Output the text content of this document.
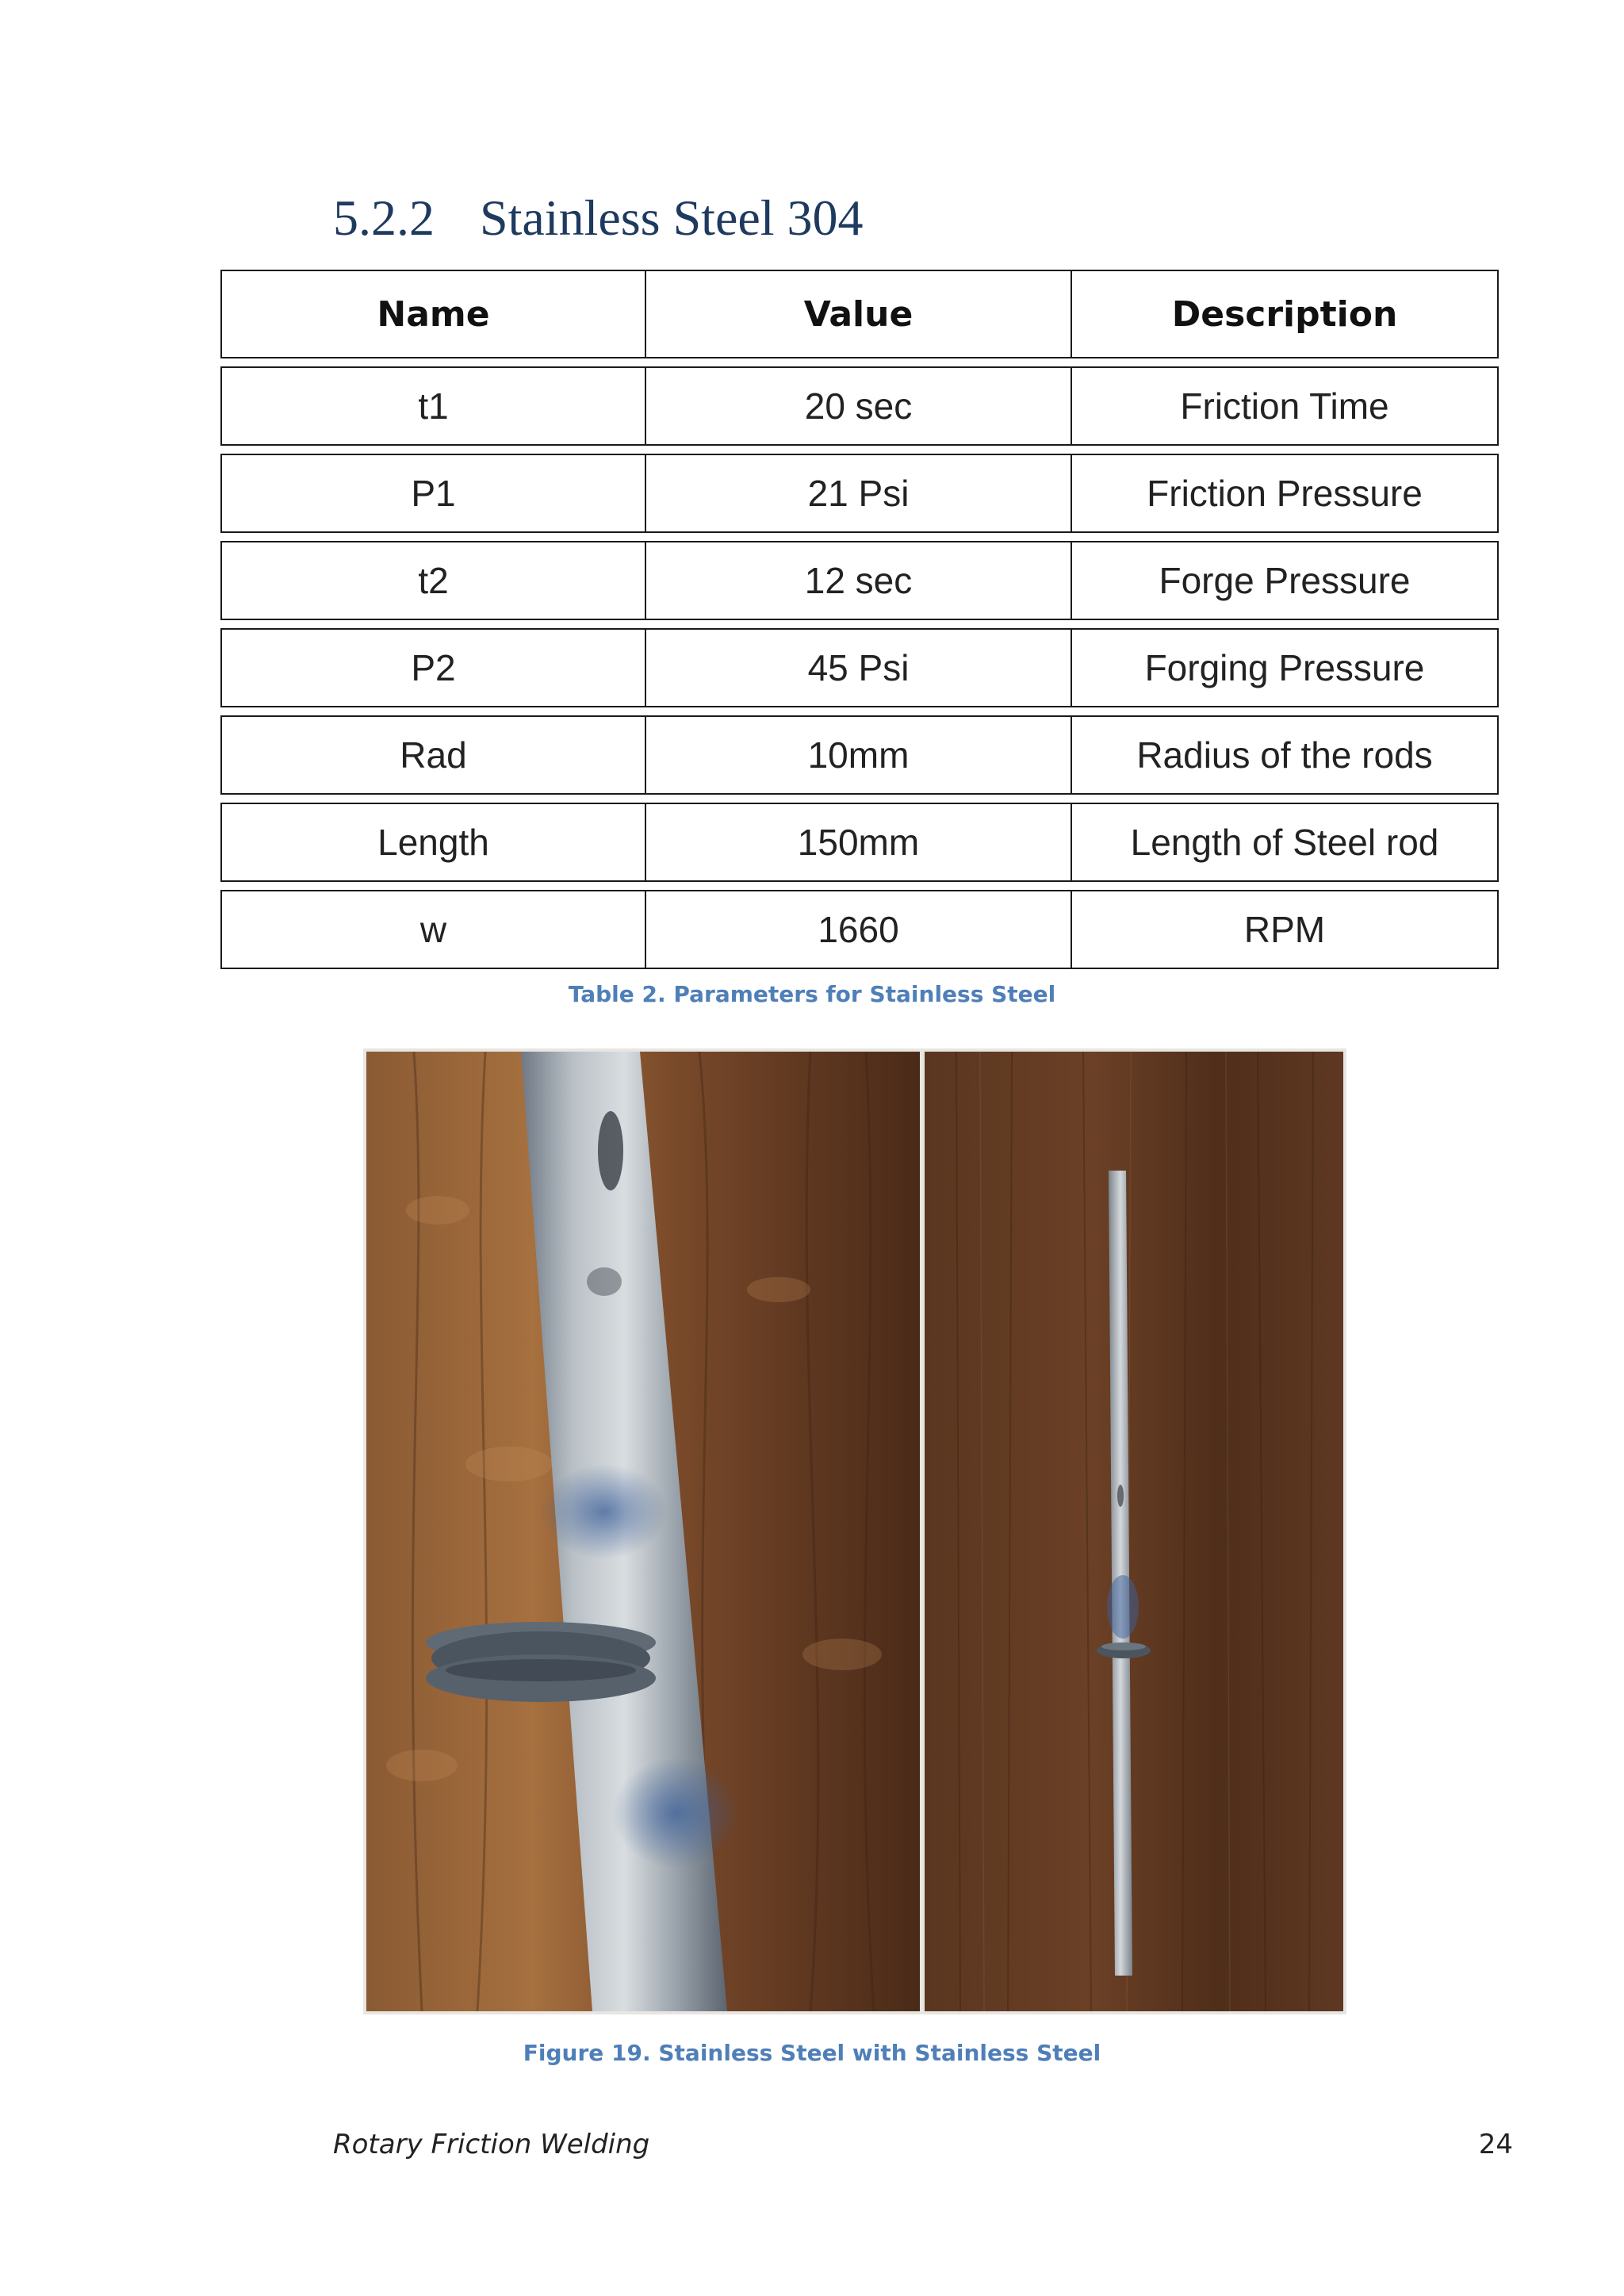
5.2.2 Stainless Steel 304
Name	Value	Description
t1	20 sec	Friction Time
P1	21 Psi	Friction Pressure
t2	12 sec	Forge Pressure
P2	45 Psi	Forging Pressure
Rad	10mm	Radius of the rods
Length	150mm	Length of Steel rod
w	1660	RPM
Table 2. Parameters for Stainless Steel
Figure 19. Stainless Steel with Stainless Steel
Rotary Friction Welding	24
